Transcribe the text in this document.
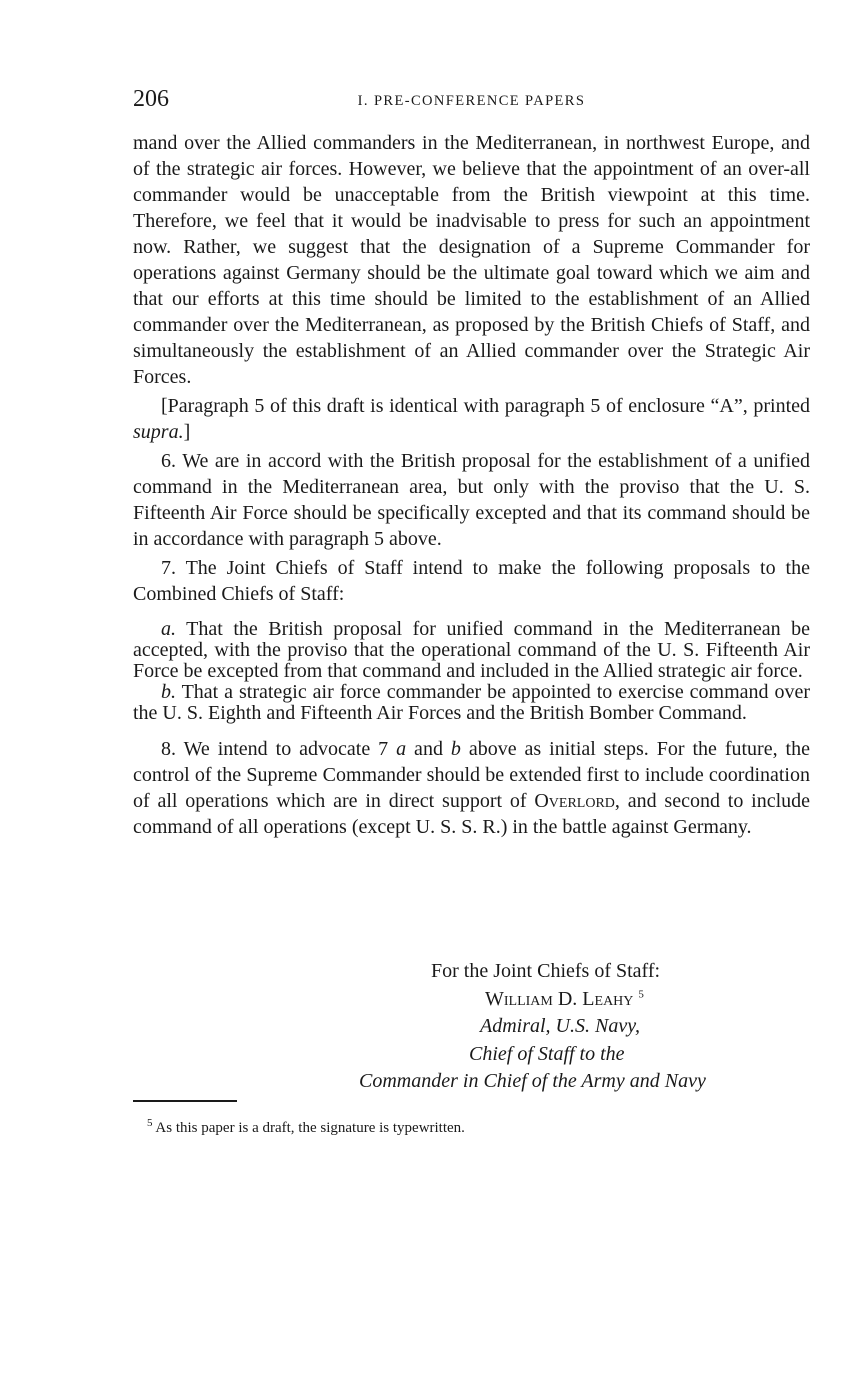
206	I. PRE-CONFERENCE PAPERS

mand over the Allied commanders in the Mediterranean, in northwest Europe, and of the strategic air forces. However, we believe that the appointment of an over-all commander would be unacceptable from the British viewpoint at this time. Therefore, we feel that it would be inadvisable to press for such an appointment now. Rather, we suggest that the designation of a Supreme Commander for operations against Germany should be the ultimate goal toward which we aim and that our efforts at this time should be limited to the establishment of an Allied commander over the Mediterranean, as proposed by the British Chiefs of Staff, and simultaneously the establishment of an Allied commander over the Strategic Air Forces.

[Paragraph 5 of this draft is identical with paragraph 5 of enclosure “A”, printed supra.]

6. We are in accord with the British proposal for the establishment of a unified command in the Mediterranean area, but only with the proviso that the U. S. Fifteenth Air Force should be specifically excepted and that its command should be in accordance with paragraph 5 above.

7. The Joint Chiefs of Staff intend to make the following proposals to the Combined Chiefs of Staff:

a. That the British proposal for unified command in the Mediterranean be accepted, with the proviso that the operational command of the U. S. Fifteenth Air Force be excepted from that command and included in the Allied strategic air force.

b. That a strategic air force commander be appointed to exercise command over the U. S. Eighth and Fifteenth Air Forces and the British Bomber Command.

8. We intend to advocate 7 a and b above as initial steps. For the future, the control of the Supreme Commander should be extended first to include coordination of all operations which are in direct support of Overlord, and second to include command of all operations (except U. S. S. R.) in the battle against Germany.

For the Joint Chiefs of Staff:
William D. Leahy $^5$
Admiral, U.S. Navy,
Chief of Staff to the
Commander in Chief of the Army and Navy
$^5$ As this paper is a draft, the signature is typewritten.
